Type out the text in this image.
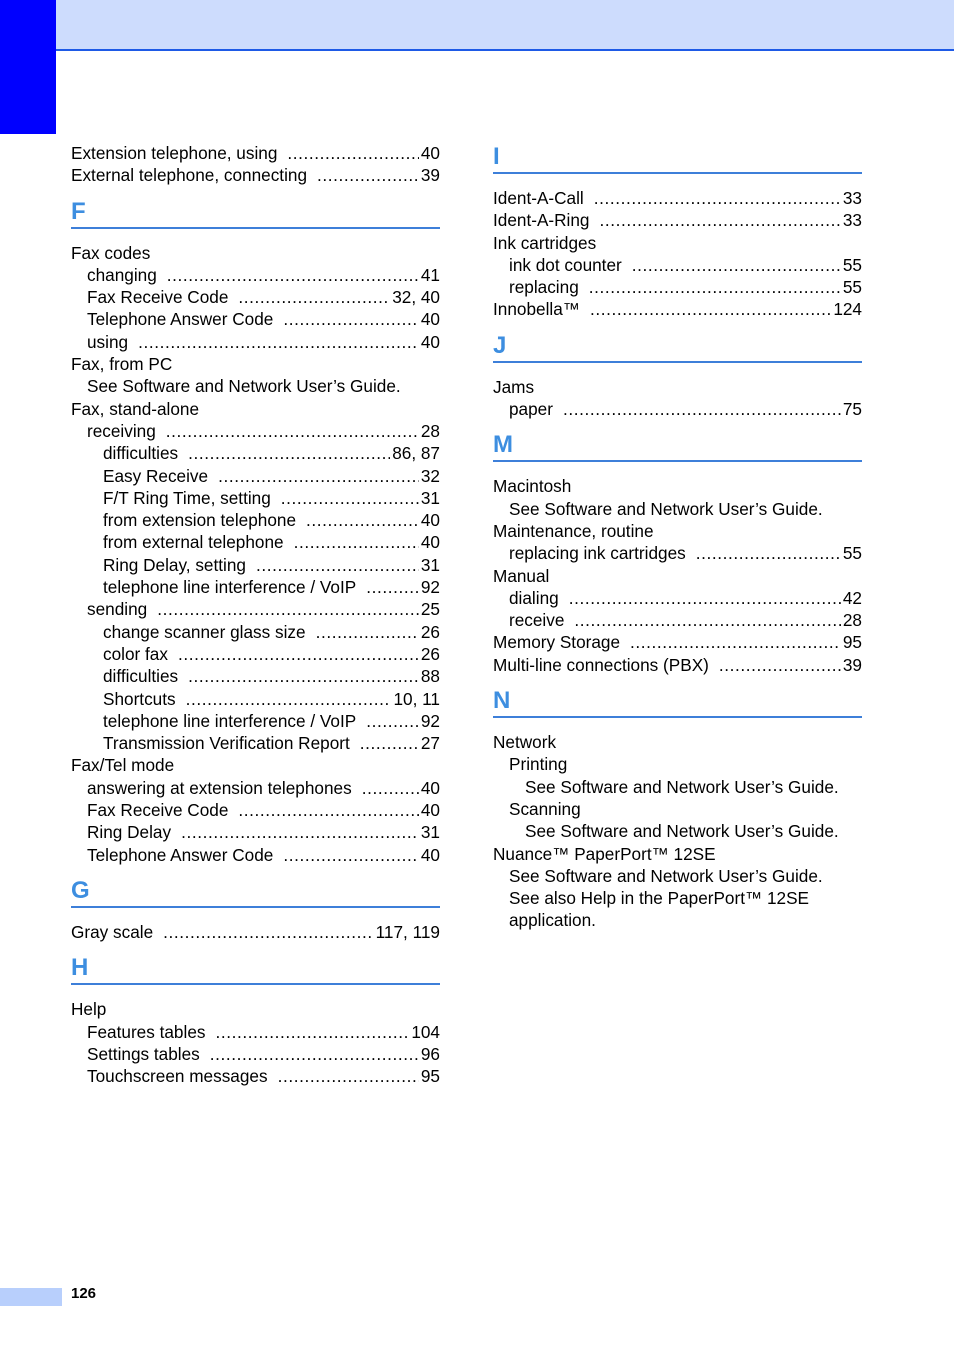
Extension telephone, using .....	40
External telephone, connecting .....	39
F
Fax codes
changing .....	41
Fax Receive Code .....	32, 40
Telephone Answer Code .....	40
using .....	40
Fax, from PC
See Software and Network User’s Guide.
Fax, stand-alone
receiving .....	28
difficulties .....	86, 87
Easy Receive .....	32
F/T Ring Time, setting .....	31
from extension telephone .....	40
from external telephone .....	40
Ring Delay, setting .....	31
telephone line interference / VoIP .....	92
sending .....	25
change scanner glass size .....	26
color fax .....	26
difficulties .....	88
Shortcuts .....	10, 11
telephone line interference / VoIP .....	92
Transmission Verification Report .....	27
Fax/Tel mode
answering at extension telephones .....	40
Fax Receive Code .....	40
Ring Delay .....	31
Telephone Answer Code .....	40
G
Gray scale .....	117, 119
H
Help
Features tables .....	104
Settings tables .....	96
Touchscreen messages .....	95
I
Ident-A-Call .....	33
Ident-A-Ring .....	33
Ink cartridges
ink dot counter .....	55
replacing .....	55
Innobella™ .....	124
J
Jams
paper .....	75
M
Macintosh
See Software and Network User’s Guide.
Maintenance, routine
replacing ink cartridges .....	55
Manual
dialing .....	42
receive .....	28
Memory Storage .....	95
Multi-line connections (PBX) .....	39
N
Network
Printing
See Software and Network User’s Guide.
Scanning
See Software and Network User’s Guide.
Nuance™ PaperPort™ 12SE
See Software and Network User’s Guide.
See also Help in the PaperPort™ 12SE
application.
126
